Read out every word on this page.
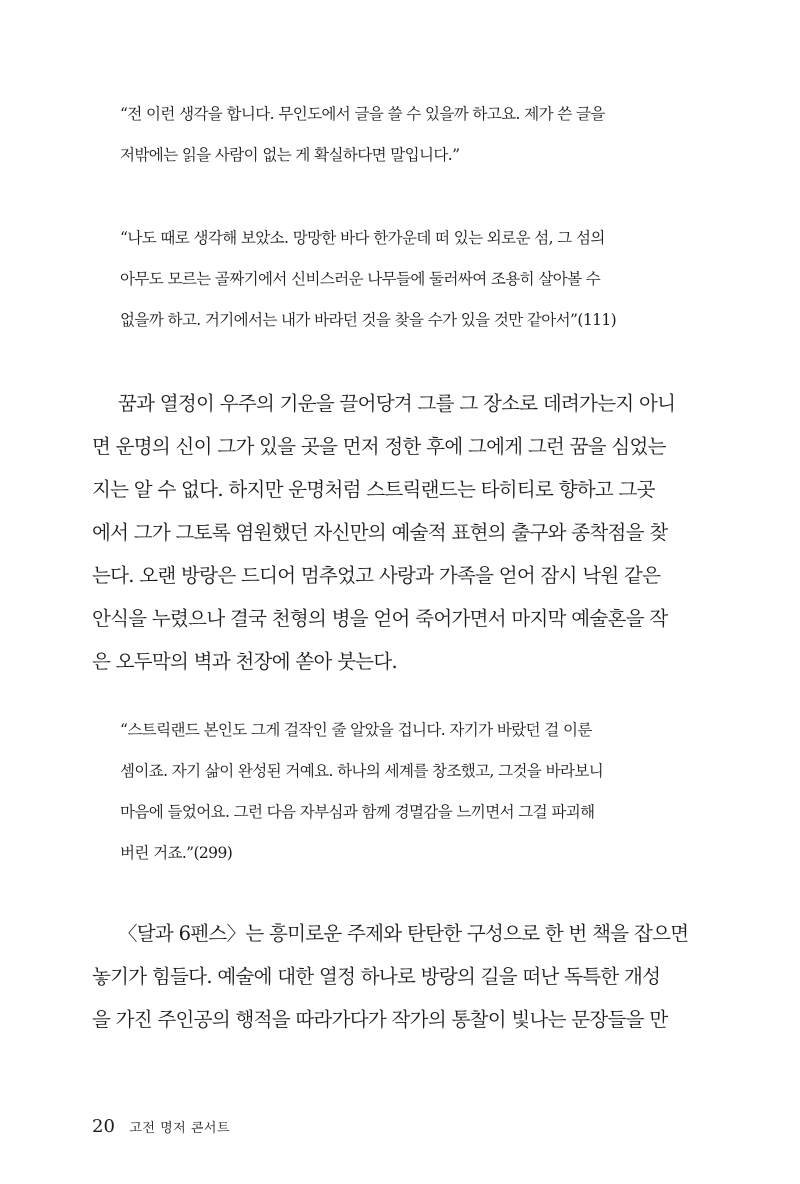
“전 이런 생각을 합니다. 무인도에서 글을 쓸 수 있을까 하고요. 제가 쓴 글을
저밖에는 읽을 사람이 없는 게 확실하다면 말입니다.”
“나도 때로 생각해 보았소. 망망한 바다 한가운데 떠 있는 외로운 섬, 그 섬의
아무도 모르는 골짜기에서 신비스러운 나무들에 둘러싸여 조용히 살아볼 수
없을까 하고. 거기에서는 내가 바라던 것을 찾을 수가 있을 것만 같아서”(111)
꿈과 열정이 우주의 기운을 끌어당겨 그를 그 장소로 데려가는지 아니
면 운명의 신이 그가 있을 곳을 먼저 정한 후에 그에게 그런 꿈을 심었는
지는 알 수 없다. 하지만 운명처럼 스트릭랜드는 타히티로 향하고 그곳
에서 그가 그토록 염원했던 자신만의 예술적 표현의 출구와 종착점을 찾
는다. 오랜 방랑은 드디어 멈추었고 사랑과 가족을 얻어 잠시 낙원 같은
안식을 누렸으나 결국 천형의 병을 얻어 죽어가면서 마지막 예술혼을 작
은 오두막의 벽과 천장에 쏟아 붓는다.
“스트릭랜드 본인도 그게 걸작인 줄 알았을 겁니다. 자기가 바랐던 걸 이룬
셈이죠. 자기 삶이 완성된 거예요. 하나의 세계를 창조했고, 그것을 바라보니
마음에 들었어요. 그런 다음 자부심과 함께 경멸감을 느끼면서 그걸 파괴해
버린 거죠.”(299)
〈달과 6펜스〉는 흥미로운 주제와 탄탄한 구성으로 한 번 책을 잡으면
놓기가 힘들다. 예술에 대한 열정 하나로 방랑의 길을 떠난 독특한 개성
을 가진 주인공의 행적을 따라가다가 작가의 통찰이 빛나는 문장들을 만
20 고전 명저 콘서트
